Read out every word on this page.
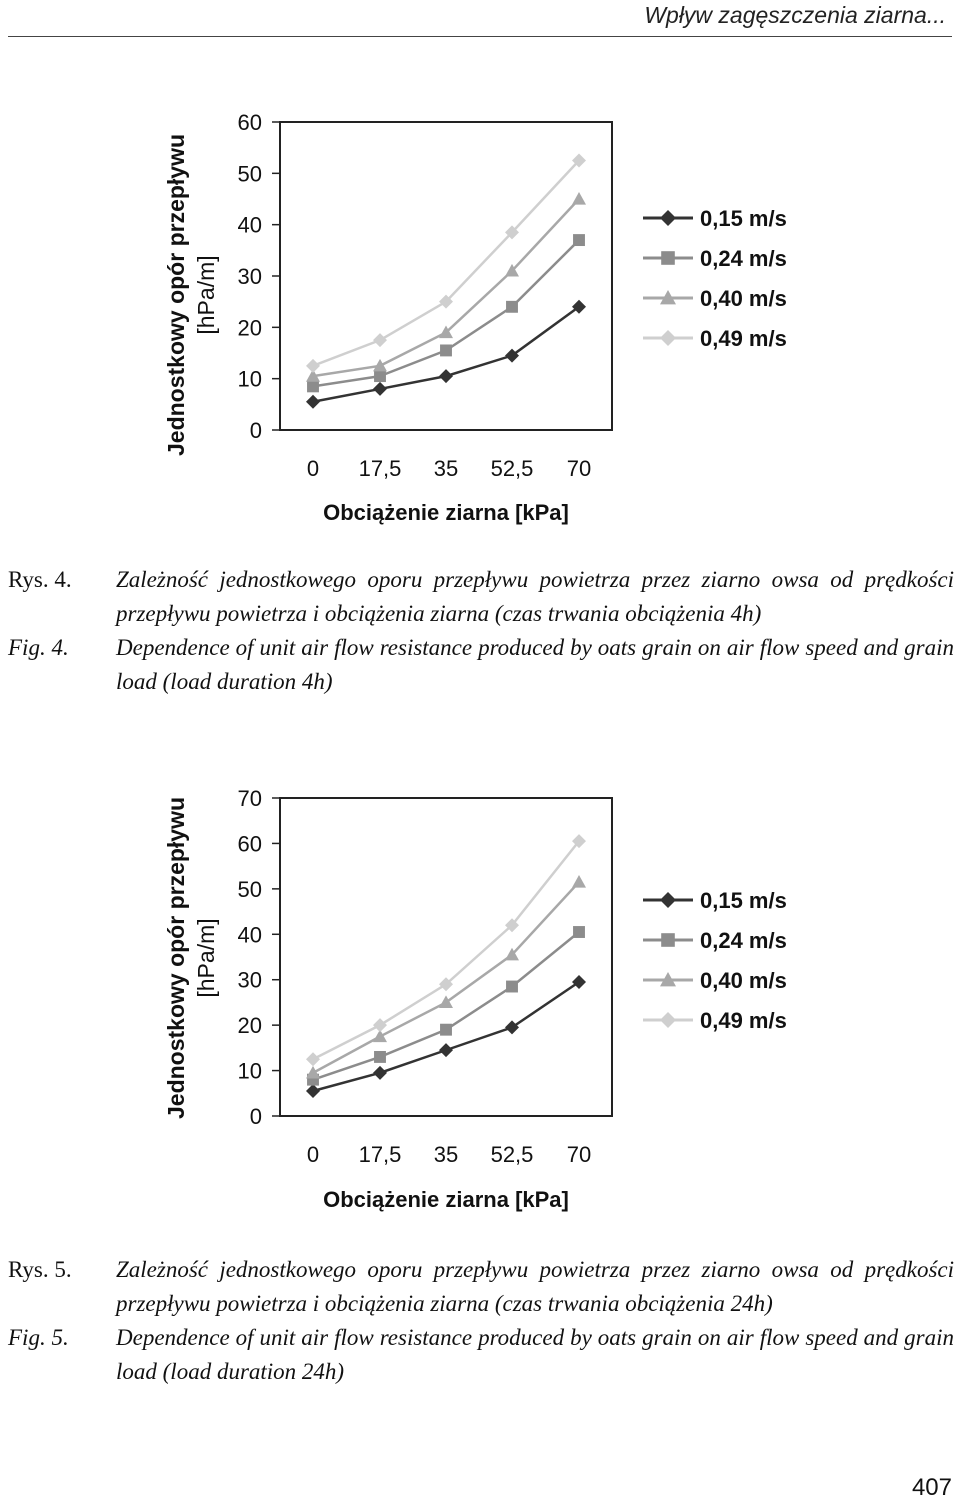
Wpływ zagęszczenia ziarna...
Jednostkowy opór przepływu [hPa/m]
0
10
20
30
40
50
60
0 17,5 35 52,5 70
Obciążenie ziarna [kPa]
0,15 m/s
0,24 m/s
0,40 m/s
0,49 m/s
Rys. 4.	Zależność jednostkowego oporu przepływu powietrza przez ziarno owsa od prędkości przepływu powietrza i obciążenia ziarna (czas trwania obciążenia 4h)
Fig. 4.	Dependence of unit air flow resistance produced by oats grain on air flow speed and grain load (load duration 4h)
Jednostkowy opór przepływu [hPa/m]
0
10
20
30
40
50
60
70
0 17,5 35 52,5 70
Obciążenie ziarna [kPa]
0,15 m/s
0,24 m/s
0,40 m/s
0,49 m/s
Rys. 5.	Zależność jednostkowego oporu przepływu powietrza przez ziarno owsa od prędkości przepływu powietrza i obciążenia ziarna (czas trwania obciążenia 24h)
Fig. 5.	Dependence of unit air flow resistance produced by oats grain on air flow speed and grain load (load duration 24h)
407
